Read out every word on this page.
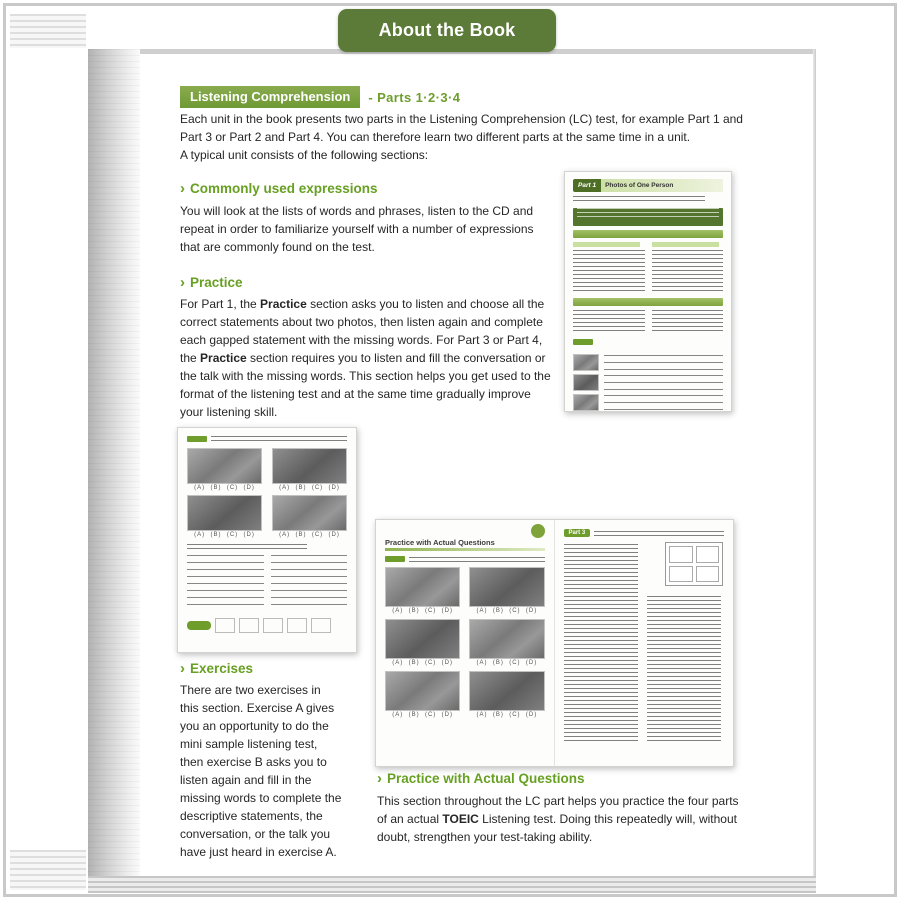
About the Book
Listening Comprehension	- Parts 1·2·3·4
Each unit in the book presents two parts in the Listening Comprehension (LC) test, for example Part 1 and Part 3 or Part 2 and Part 4. You can therefore learn two different parts at the same time in a unit.
A typical unit consists of the following sections:
› Commonly used expressions
You will look at the lists of words and phrases, listen to the CD and repeat in order to familiarize yourself with a number of expressions that are commonly found on the test.
› Practice
For Part 1, the Practice section asks you to listen and choose all the correct statements about two photos, then listen again and complete each gapped statement with the missing words. For Part 3 or Part 4, the Practice section requires you to listen and fill the conversation or the talk with the missing words. This section helps you get used to the format of the listening test and at the same time gradually improve your listening skill.
Part 1	Photos of One Person
(A)  (B)  (C)  (D)	(A)  (B)  (C)  (D)
(A)  (B)  (C)  (D)	(A)  (B)  (C)  (D)
Practice with Actual Questions
(A)  (B)  (C)  (D)	(A)  (B)  (C)  (D)
(A)  (B)  (C)  (D)	(A)  (B)  (C)  (D)
(A)  (B)  (C)  (D)	(A)  (B)  (C)  (D)
Part 3
› Exercises
There are two exercises in this section. Exercise A gives you an opportunity to do the mini sample listening test, then exercise B asks you to listen again and fill in the missing words to complete the descriptive statements, the conversation, or the talk you have just heard in exercise A.
› Practice with Actual Questions
This section throughout the LC part helps you practice the four parts of an actual TOEIC Listening test. Doing this repeatedly will, without doubt, strengthen your test-taking ability.
